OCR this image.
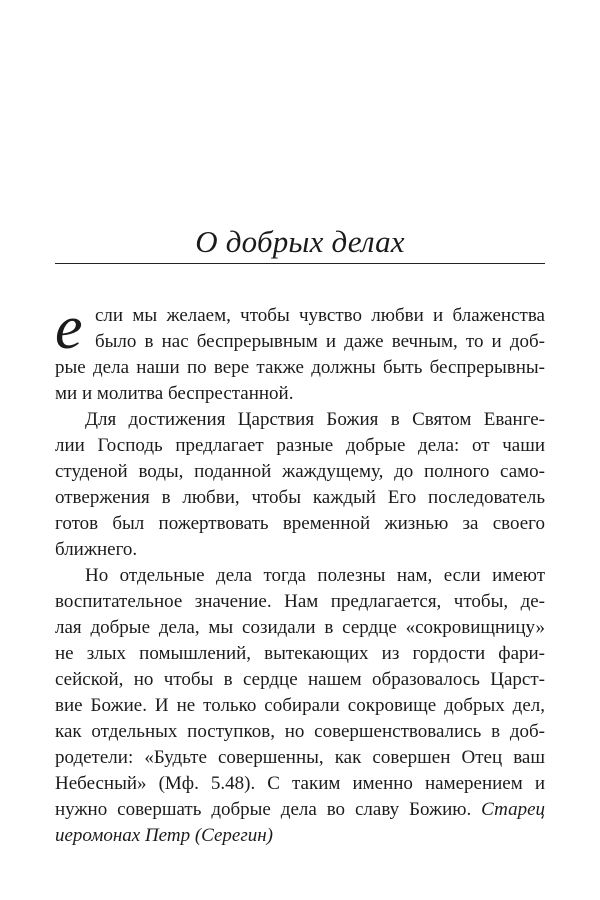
О добрых делах
е сли мы желаем, чтобы чувство любви и блаженства
было в нас беспрерывным и даже вечным, то и доб-
рые дела наши по вере также должны быть беспрерывны-
ми и молитва беспрестанной.
Для достижения Царствия Божия в Святом Еванге-
лии Господь предлагает разные добрые дела: от чаши
студеной воды, поданной жаждущему, до полного само-
отвержения в любви, чтобы каждый Его последователь
готов был пожертвовать временной жизнью за своего
ближнего.
Но отдельные дела тогда полезны нам, если имеют
воспитательное значение. Нам предлагается, чтобы, де-
лая добрые дела, мы созидали в сердце «сокровищницу»
не злых помышлений, вытекающих из гордости фари-
сейской, но чтобы в сердце нашем образовалось Царст-
вие Божие. И не только собирали сокровище добрых дел,
как отдельных поступков, но совершенствовались в доб-
родетели: «Будьте совершенны, как совершен Отец ваш
Небесный» (Мф. 5.48). С таким именно намерением и
нужно совершать добрые дела во славу Божию. Старец
иеромонах Петр (Серегин)
